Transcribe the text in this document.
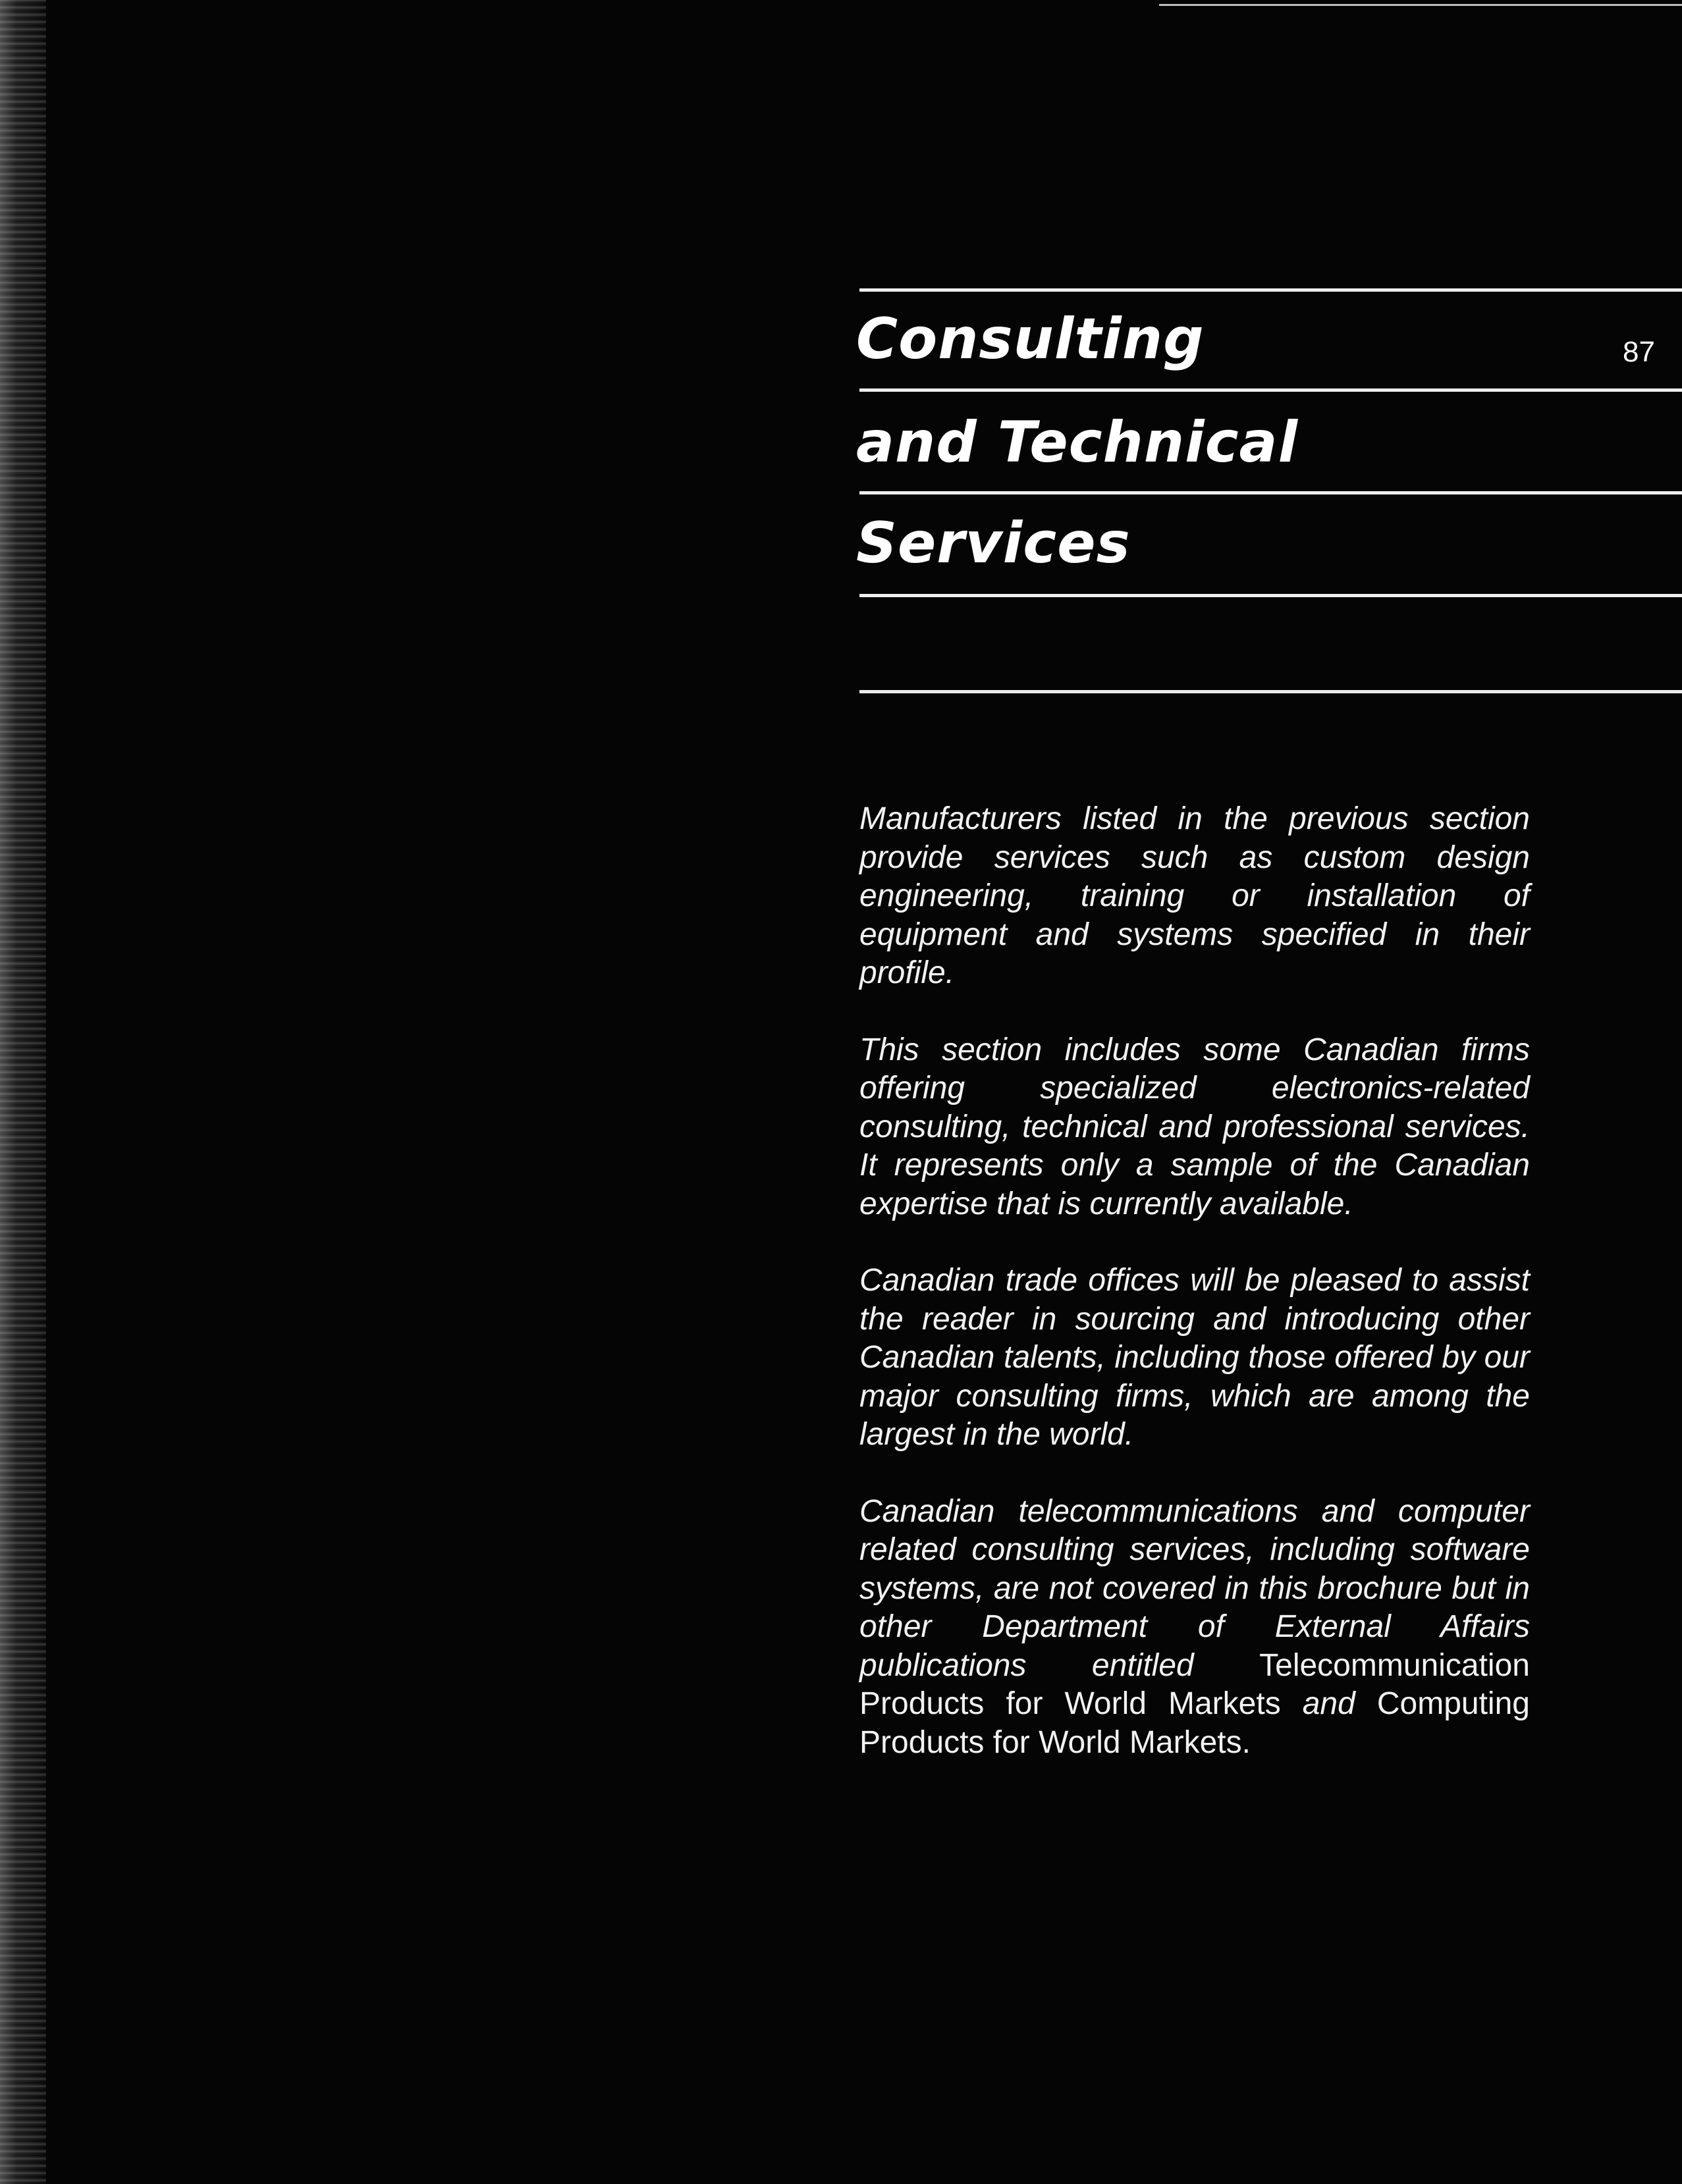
Consulting	87
and Technical
Services

Manufacturers listed in the previous section provide services such as custom design engineering, training or installation of equipment and systems specified in their profile.

This section includes some Canadian firms offering specialized electronics-related consulting, technical and professional services. It represents only a sample of the Canadian expertise that is currently available.

Canadian trade offices will be pleased to assist the reader in sourcing and introducing other Canadian talents, including those offered by our major consulting firms, which are among the largest in the world.

Canadian telecommunications and computer related consulting services, including software systems, are not covered in this brochure but in other Department of External Affairs publications entitled Telecommunication Products for World Markets and Computing Products for World Markets.
